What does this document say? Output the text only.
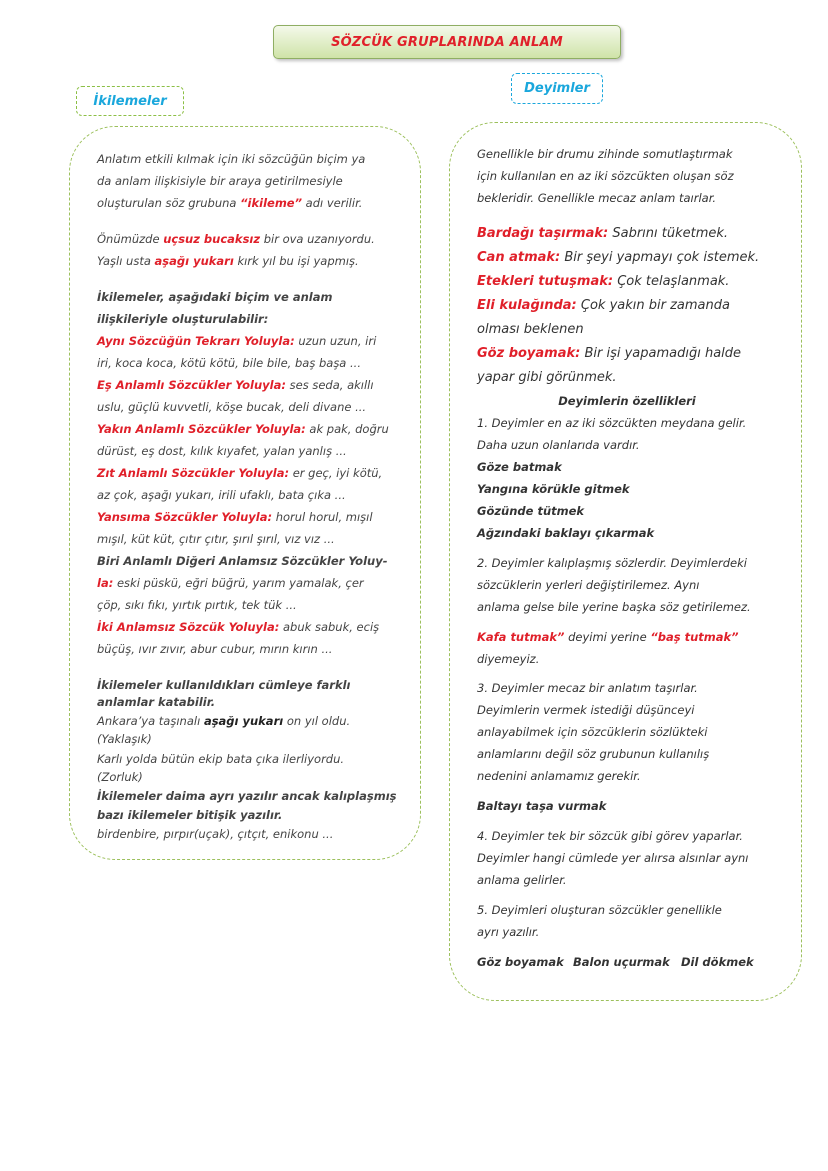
SÖZCÜK GRUPLARINDA ANLAM
İkilemeler
Deyimler

Anlatım etkili kılmak için iki sözcüğün biçim ya

da anlam ilişkisiyle bir araya getirilmesiyle

oluşturulan söz grubuna “ikileme” adı verilir.

Önümüzde uçsuz bucaksız bir ova uzanıyordu.

Yaşlı usta aşağı yukarı kırk yıl bu işi yapmış.

İkilemeler, aşağıdaki biçim ve anlam

ilişkileriyle oluşturulabilir:

Aynı Sözcüğün Tekrarı Yoluyla: uzun uzun, iri

iri, koca koca, kötü kötü, bile bile, baş başa ...

Eş Anlamlı Sözcükler Yoluyla: ses seda, akıllı

uslu, güçlü kuvvetli, köşe bucak, deli divane ...

Yakın Anlamlı Sözcükler Yoluyla: ak pak, doğru

dürüst, eş dost, kılık kıyafet, yalan yanlış ...

Zıt Anlamlı Sözcükler Yoluyla: er geç, iyi kötü,

az çok, aşağı yukarı, irili ufaklı, bata çıka ...

Yansıma Sözcükler Yoluyla: horul horul, mışıl

mışıl, küt küt, çıtır çıtır, şırıl şırıl, vız vız ...

Biri Anlamlı Diğeri Anlamsız Sözcükler Yoluy-

la: eski püskü, eğri büğrü, yarım yamalak, çer

çöp, sıkı fıkı, yırtık pırtık, tek tük ...

İki Anlamsız Sözcük Yoluyla: abuk sabuk, eciş

büçüş, ıvır zıvır, abur cubur, mırın kırın ...

İkilemeler kullanıldıkları cümleye farklı

anlamlar katabilir.

Ankara’ya taşınalı aşağı yukarı on yıl oldu.

(Yaklaşık)

Karlı yolda bütün ekip bata çıka ilerliyordu.

(Zorluk)

İkilemeler daima ayrı yazılır ancak kalıplaşmış

bazı ikilemeler bitişik yazılır.

birdenbire, pırpır(uçak), çıtçıt, enikonu ...

Genellikle bir drumu zihinde somutlaştırmak

için kullanılan en az iki sözcükten oluşan söz

bekleridir. Genellikle mecaz anlam taırlar.

Bardağı taşırmak: Sabrını tüketmek.

Can atmak: Bir şeyi yapmayı çok istemek.

Etekleri tutuşmak: Çok telaşlanmak.

Eli kulağında: Çok yakın bir zamanda

olması beklenen

Göz boyamak: Bir işi yapamadığı halde

yapar gibi görünmek.

Deyimlerin özellikleri

1. Deyimler en az iki sözcükten meydana gelir.

Daha uzun olanlarıda vardır.

Göze batmak

Yangına körükle gitmek

Gözünde tütmek

Ağzındaki baklayı çıkarmak

2. Deyimler kalıplaşmış sözlerdir. Deyimlerdeki

sözcüklerin yerleri değiştirilemez. Aynı

anlama gelse bile yerine başka söz getirilemez.

Kafa tutmak” deyimi yerine “baş tutmak”

diyemeyiz.

3. Deyimler mecaz bir anlatım taşırlar.

Deyimlerin vermek istediği düşünceyi

anlayabilmek için sözcüklerin sözlükteki

anlamlarını değil söz grubunun kullanılış

nedenini anlamamız gerekir.

Baltayı taşa vurmak

4. Deyimler tek bir sözcük gibi görev yaparlar.

Deyimler hangi cümlede yer alırsa alsınlar aynı

anlama gelirler.

5. Deyimleri oluşturan sözcükler genellikle

ayrı yazılır.

Göz boyamak Balon uçurmak Dil dökmek
